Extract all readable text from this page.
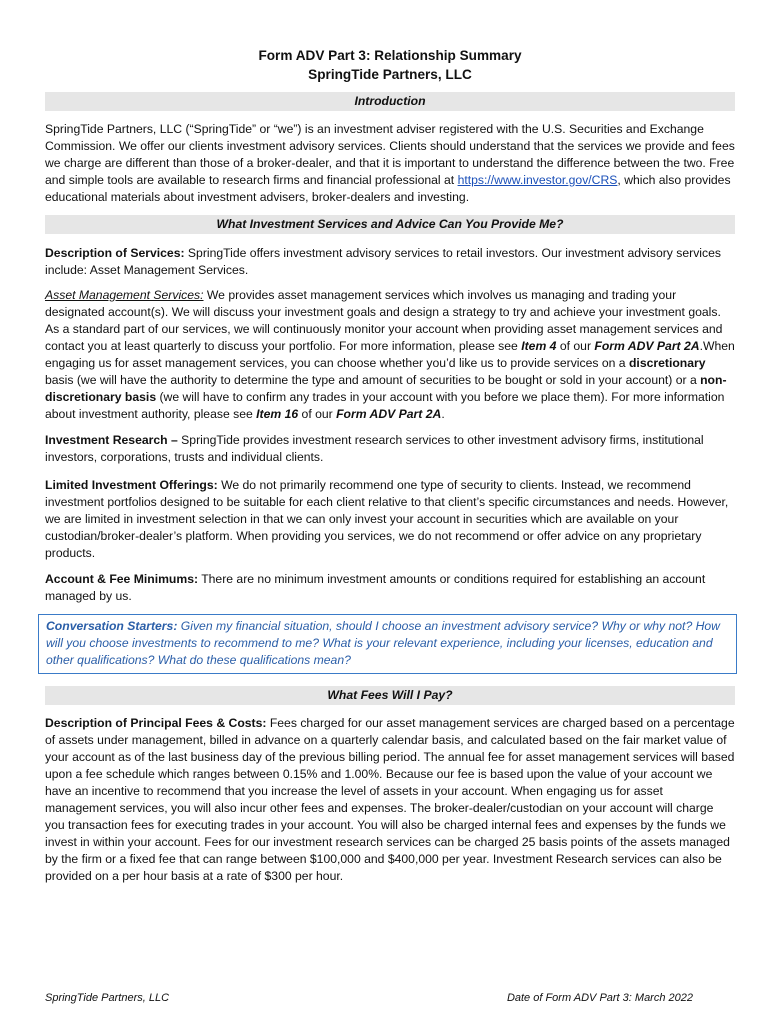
Form ADV Part 3: Relationship Summary

SpringTide Partners, LLC

Introduction

SpringTide Partners, LLC (“SpringTide” or “we”) is an investment adviser registered with the U.S. Securities and Exchange Commission. We offer our clients investment advisory services. Clients should understand that the services we provide and fees we charge are different than those of a broker-dealer, and that it is important to understand the difference between the two. Free and simple tools are available to research firms and financial professional at https://www.investor.gov/CRS, which also provides educational materials about investment advisers, broker-dealers and investing.

What Investment Services and Advice Can You Provide Me?

Description of Services: SpringTide offers investment advisory services to retail investors. Our investment advisory services include: Asset Management Services.

Asset Management Services: We provides asset management services which involves us managing and trading your designated account(s). We will discuss your investment goals and design a strategy to try and achieve your investment goals. As a standard part of our services, we will continuously monitor your account when providing asset management services and contact you at least quarterly to discuss your portfolio. For more information, please see Item 4 of our Form ADV Part 2A.When engaging us for asset management services, you can choose whether you’d like us to provide services on a discretionary basis (we will have the authority to determine the type and amount of securities to be bought or sold in your account) or a non-discretionary basis (we will have to confirm any trades in your account with you before we place them). For more information about investment authority, please see Item 16 of our Form ADV Part 2A.

Investment Research – SpringTide provides investment research services to other investment advisory firms, institutional investors, corporations, trusts and individual clients.

Limited Investment Offerings: We do not primarily recommend one type of security to clients. Instead, we recommend investment portfolios designed to be suitable for each client relative to that client’s specific circumstances and needs. However, we are limited in investment selection in that we can only invest your account in securities which are available on your custodian/broker-dealer’s platform. When providing you services, we do not recommend or offer advice on any proprietary products.

Account & Fee Minimums: There are no minimum investment amounts or conditions required for establishing an account managed by us.

Conversation Starters: Given my financial situation, should I choose an investment advisory service? Why or why not? How will you choose investments to recommend to me? What is your relevant experience, including your licenses, education and other qualifications? What do these qualifications mean?
What Fees Will I Pay?

Description of Principal Fees & Costs: Fees charged for our asset management services are charged based on a percentage of assets under management, billed in advance on a quarterly calendar basis, and calculated based on the fair market value of your account as of the last business day of the previous billing period. The annual fee for asset management services will based upon a fee schedule which ranges between 0.15% and 1.00%. Because our fee is based upon the value of your account we have an incentive to recommend that you increase the level of assets in your account. When engaging us for asset management services, you will also incur other fees and expenses. The broker-dealer/custodian on your account will charge you transaction fees for executing trades in your account. You will also be charged internal fees and expenses by the funds we invest in within your account. Fees for our investment research services can be charged 25 basis points of the assets managed by the firm or a fixed fee that can range between $100,000 and $400,000 per year. Investment Research services can also be provided on a per hour basis at a rate of $300 per hour.

SpringTide Partners, LLC	Date of Form ADV Part 3: March 2022
